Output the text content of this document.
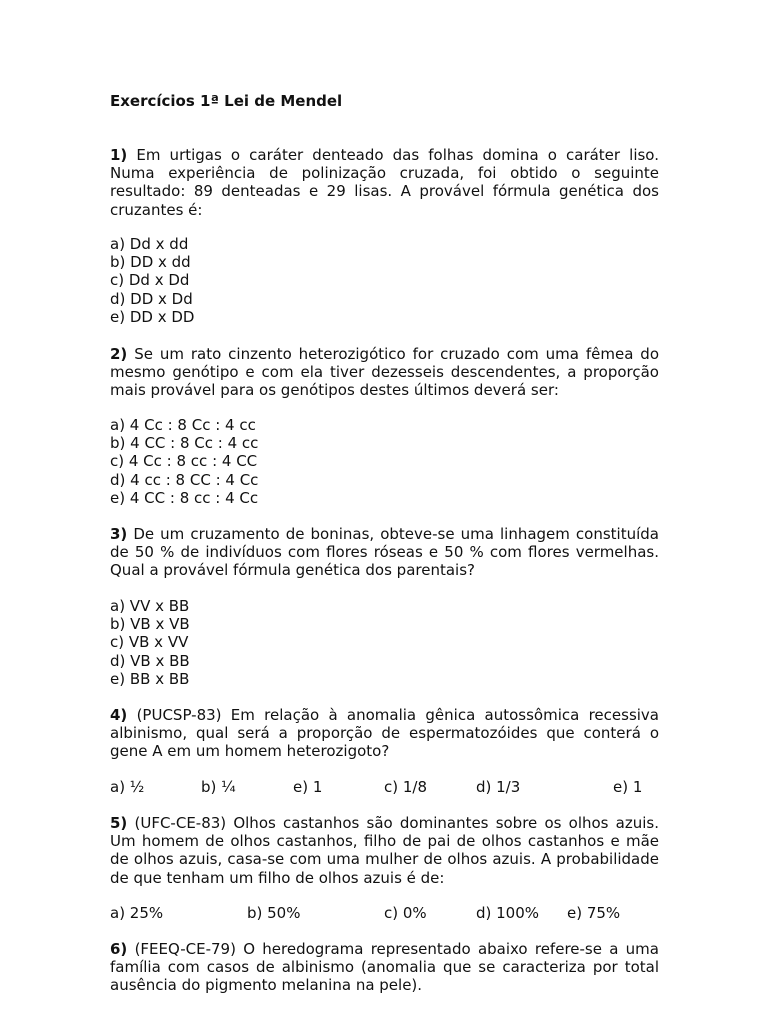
Exercícios 1ª Lei de Mendel
1) Em urtigas o caráter denteado das folhas domina o caráter liso. Numa experiência de polinização cruzada, foi obtido o seguinte resultado: 89 denteadas e 29 lisas. A provável fórmula genética dos cruzantes é:
a) Dd x dd
b) DD x dd
c) Dd x Dd
d) DD x Dd
e) DD x DD
2) Se um rato cinzento heterozigótico for cruzado com uma fêmea do mesmo genótipo e com ela tiver dezesseis descendentes, a proporção mais provável para os genótipos destes últimos deverá ser:
a) 4 Cc : 8 Cc : 4 cc
b) 4 CC : 8 Cc : 4 cc
c) 4 Cc : 8 cc : 4 CC
d) 4 cc : 8 CC : 4 Cc
e) 4 CC : 8 cc : 4 Cc
3) De um cruzamento de boninas, obteve-se uma linhagem constituída de 50 % de indivíduos com flores róseas e 50 % com flores vermelhas. Qual a provável fórmula genética dos parentais?
a) VV x BB
b) VB x VB
c) VB x VV
d) VB x BB
e) BB x BB
4) (PUCSP-83) Em relação à anomalia gênica autossômica recessiva albinismo, qual será a proporção de espermatozóides que conterá o gene A em um homem heterozigoto?
a) ½	b) ¼	e) 1	c) 1/8	d) 1/3	e) 1
5) (UFC-CE-83) Olhos castanhos são dominantes sobre os olhos azuis. Um homem de olhos castanhos, filho de pai de olhos castanhos e mãe de olhos azuis, casa-se com uma mulher de olhos azuis. A probabilidade de que tenham um filho de olhos azuis é de:
a) 25%	b) 50%	c) 0%	d) 100% e) 75%
6) (FEEQ-CE-79) O heredograma representado abaixo refere-se a uma família com casos de albinismo (anomalia que se caracteriza por total ausência do pigmento melanina na pele).
